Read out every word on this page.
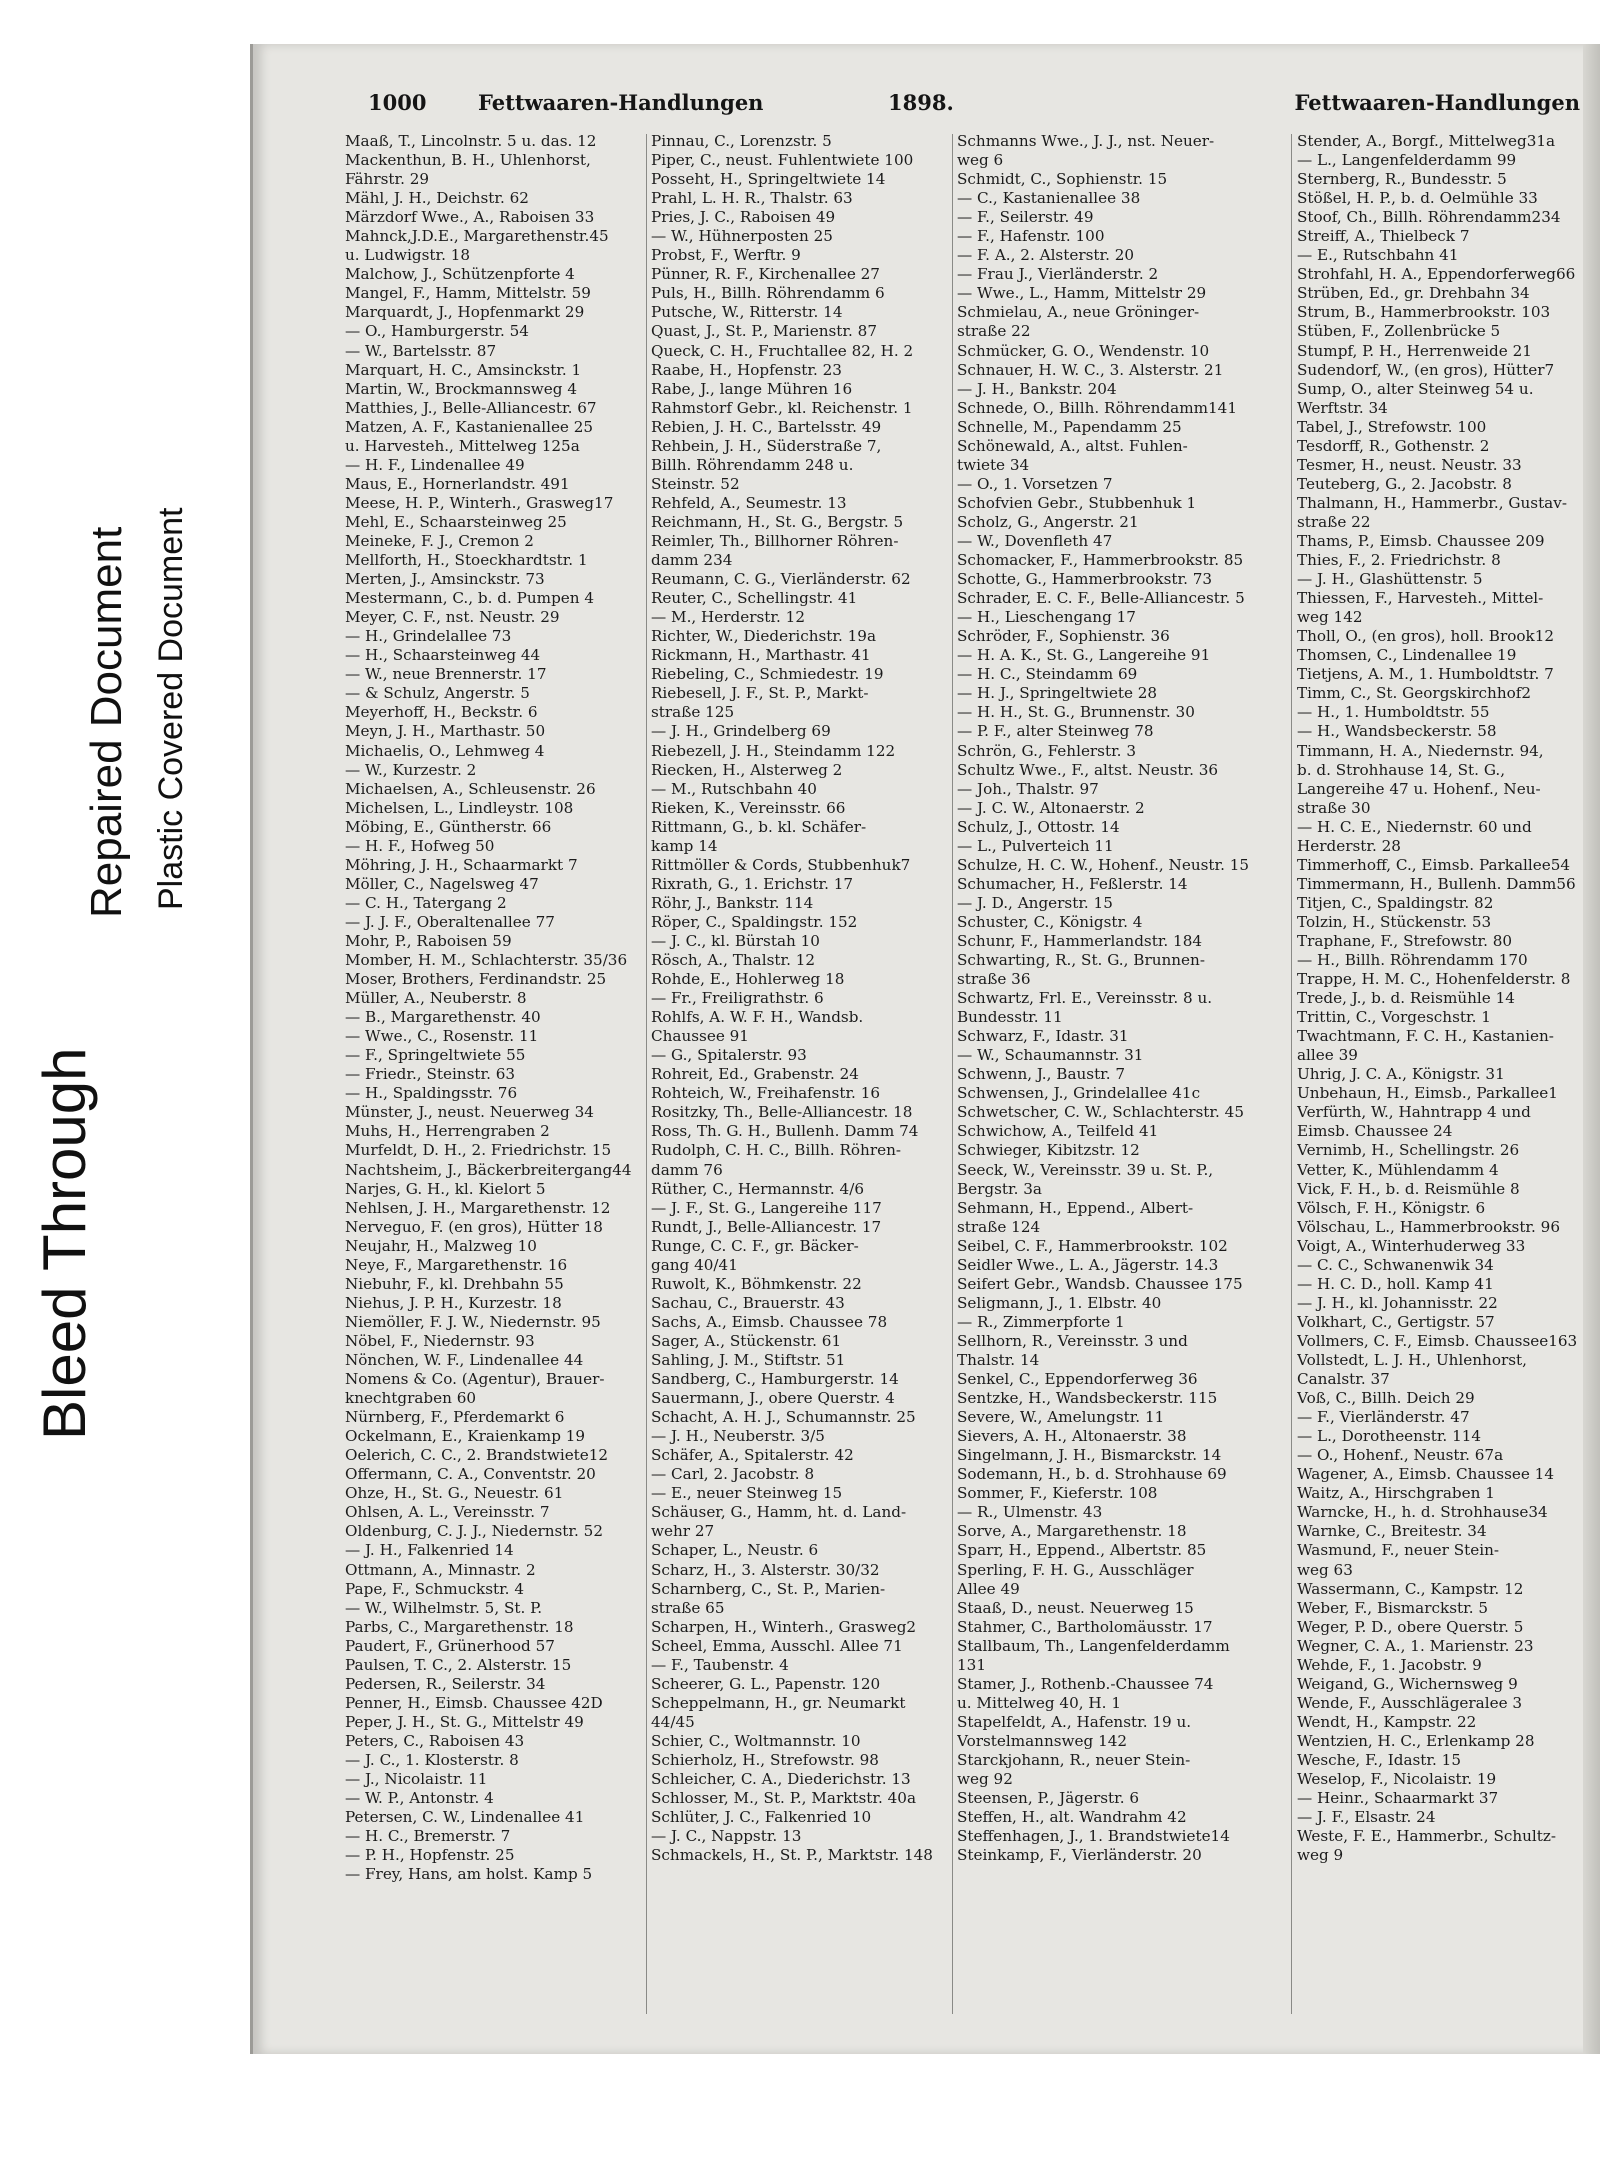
Bleed Through
Repaired Document Plastic Covered Document
1000 Fettwaaren-Handlungen	1898.	Fettwaaren-Handlungen
Maaß, T., Lincolnstr. 5 u. das. 12
Mackenthun, B. H., Uhlenhorst,
Fährstr. 29
Mähl, J. H., Deichstr. 62
Märzdorf Wwe., A., Raboisen 33
Mahnck,J.D.E., Margarethenstr.45
u. Ludwigstr. 18
Malchow, J., Schützenpforte 4
Mangel, F., Hamm, Mittelstr. 59
Marquardt, J., Hopfenmarkt 29
— O., Hamburgerstr. 54
— W., Bartelsstr. 87
Marquart, H. C., Amsinckstr. 1
Martin, W., Brockmannsweg 4
Matthies, J., Belle-Alliancestr. 67
Matzen, A. F., Kastanienallee 25
u. Harvesteh., Mittelweg 125a
— H. F., Lindenallee 49
Maus, E., Hornerlandstr. 491
Meese, H. P., Winterh., Grasweg17
Mehl, E., Schaarsteinweg 25
Meineke, F. J., Cremon 2
Mellforth, H., Stoeckhardtstr. 1
Merten, J., Amsinckstr. 73
Mestermann, C., b. d. Pumpen 4
Meyer, C. F., nst. Neustr. 29
— H., Grindelallee 73
— H., Schaarsteinweg 44
— W., neue Brennerstr. 17
— & Schulz, Angerstr. 5
Meyerhoff, H., Beckstr. 6
Meyn, J. H., Marthastr. 50
Michaelis, O., Lehmweg 4
— W., Kurzestr. 2
Michaelsen, A., Schleusenstr. 26
Michelsen, L., Lindleystr. 108
Möbing, E., Güntherstr. 66
— H. F., Hofweg 50
Möhring, J. H., Schaarmarkt 7
Möller, C., Nagelsweg 47
— C. H., Tatergang 2
— J. J. F., Oberaltenallee 77
Mohr, P., Raboisen 59
Momber, H. M., Schlachterstr. 35/36
Moser, Brothers, Ferdinandstr. 25
Müller, A., Neuberstr. 8
— B., Margarethenstr. 40
— Wwe., C., Rosenstr. 11
— F., Springeltwiete 55
— Friedr., Steinstr. 63
— H., Spaldingsstr. 76
Münster, J., neust. Neuerweg 34
Muhs, H., Herrengraben 2
Murfeldt, D. H., 2. Friedrichstr. 15
Nachtsheim, J., Bäckerbreitergang44
Narjes, G. H., kl. Kielort 5
Nehlsen, J. H., Margarethenstr. 12
Nerveguo, F. (en gros), Hütter 18
Neujahr, H., Malzweg 10
Neye, F., Margarethenstr. 16
Niebuhr, F., kl. Drehbahn 55
Niehus, J. P. H., Kurzestr. 18
Niemöller, F. J. W., Niedernstr. 95
Nöbel, F., Niedernstr. 93
Nönchen, W. F., Lindenallee 44
Nomens & Co. (Agentur), Brauer-
knechtgraben 60
Nürnberg, F., Pferdemarkt 6
Ockelmann, E., Kraienkamp 19
Oelerich, C. C., 2. Brandstwiete12
Offermann, C. A., Conventstr. 20
Ohze, H., St. G., Neuestr. 61
Ohlsen, A. L., Vereinsstr. 7
Oldenburg, C. J. J., Niedernstr. 52
— J. H., Falkenried 14
Ottmann, A., Minnastr. 2
Pape, F., Schmuckstr. 4
— W., Wilhelmstr. 5, St. P.
Parbs, C., Margarethenstr. 18
Paudert, F., Grünerhood 57
Paulsen, T. C., 2. Alsterstr. 15
Pedersen, R., Seilerstr. 34
Penner, H., Eimsb. Chaussee 42D
Peper, J. H., St. G., Mittelstr 49
Peters, C., Raboisen 43
— J. C., 1. Klosterstr. 8
— J., Nicolaistr. 11
— W. P., Antonstr. 4
Petersen, C. W., Lindenallee 41
— H. C., Bremerstr. 7
— P. H., Hopfenstr. 25
— Frey, Hans, am holst. Kamp 5
Pinnau, C., Lorenzstr. 5
Piper, C., neust. Fuhlentwiete 100
Posseht, H., Springeltwiete 14
Prahl, L. H. R., Thalstr. 63
Pries, J. C., Raboisen 49
— W., Hühnerposten 25
Probst, F., Werftr. 9
Pünner, R. F., Kirchenallee 27
Puls, H., Billh. Röhrendamm 6
Putsche, W., Ritterstr. 14
Quast, J., St. P., Marienstr. 87
Queck, C. H., Fruchtallee 82, H. 2
Raabe, H., Hopfenstr. 23
Rabe, J., lange Mühren 16
Rahmstorf Gebr., kl. Reichenstr. 1
Rebien, J. H. C., Bartelsstr. 49
Rehbein, J. H., Süderstraße 7,
Billh. Röhrendamm 248 u.
Steinstr. 52
Rehfeld, A., Seumestr. 13
Reichmann, H., St. G., Bergstr. 5
Reimler, Th., Billhorner Röhren-
damm 234
Reumann, C. G., Vierländerstr. 62
Reuter, C., Schellingstr. 41
— M., Herderstr. 12
Richter, W., Diederichstr. 19a
Rickmann, H., Marthastr. 41
Riebeling, C., Schmiedestr. 19
Riebesell, J. F., St. P., Markt-
straße 125
— J. H., Grindelberg 69
Riebezell, J. H., Steindamm 122
Riecken, H., Alsterweg 2
— M., Rutschbahn 40
Rieken, K., Vereinsstr. 66
Rittmann, G., b. kl. Schäfer-
kamp 14
Rittmöller & Cords, Stubbenhuk7
Rixrath, G., 1. Erichstr. 17
Röhr, J., Bankstr. 114
Röper, C., Spaldingstr. 152
— J. C., kl. Bürstah 10
Rösch, A., Thalstr. 12
Rohde, E., Hohlerweg 18
— Fr., Freiligrathstr. 6
Rohlfs, A. W. F. H., Wandsb.
Chaussee 91
— G., Spitalerstr. 93
Rohreit, Ed., Grabenstr. 24
Rohteich, W., Freihafenstr. 16
Rositzky, Th., Belle-Alliancestr. 18
Ross, Th. G. H., Bullenh. Damm 74
Rudolph, C. H. C., Billh. Röhren-
damm 76
Rüther, C., Hermannstr. 4/6
— J. F., St. G., Langereihe 117
Rundt, J., Belle-Alliancestr. 17
Runge, C. C. F., gr. Bäcker-
gang 40/41
Ruwolt, K., Böhmkenstr. 22
Sachau, C., Brauerstr. 43
Sachs, A., Eimsb. Chaussee 78
Sager, A., Stückenstr. 61
Sahling, J. M., Stiftstr. 51
Sandberg, C., Hamburgerstr. 14
Sauermann, J., obere Querstr. 4
Schacht, A. H. J., Schumannstr. 25
— J. H., Neuberstr. 3/5
Schäfer, A., Spitalerstr. 42
— Carl, 2. Jacobstr. 8
— E., neuer Steinweg 15
Schäuser, G., Hamm, ht. d. Land-
wehr 27
Schaper, L., Neustr. 6
Scharz, H., 3. Alsterstr. 30/32
Scharnberg, C., St. P., Marien-
straße 65
Scharpen, H., Winterh., Grasweg2
Scheel, Emma, Ausschl. Allee 71
— F., Taubenstr. 4
Scheerer, G. L., Papenstr. 120
Scheppelmann, H., gr. Neumarkt
44/45
Schier, C., Woltmannstr. 10
Schierholz, H., Strefowstr. 98
Schleicher, C. A., Diederichstr. 13
Schlosser, M., St. P., Marktstr. 40a
Schlüter, J. C., Falkenried 10
— J. C., Nappstr. 13
Schmackels, H., St. P., Marktstr. 148
Schmanns Wwe., J. J., nst. Neuer-
weg 6
Schmidt, C., Sophienstr. 15
— C., Kastanienallee 38
— F., Seilerstr. 49
— F., Hafenstr. 100
— F. A., 2. Alsterstr. 20
— Frau J., Vierländerstr. 2
— Wwe., L., Hamm, Mittelstr 29
Schmielau, A., neue Gröninger-
straße 22
Schmücker, G. O., Wendenstr. 10
Schnauer, H. W. C., 3. Alsterstr. 21
— J. H., Bankstr. 204
Schnede, O., Billh. Röhrendamm141
Schnelle, M., Papendamm 25
Schönewald, A., altst. Fuhlen-
twiete 34
— O., 1. Vorsetzen 7
Schofvien Gebr., Stubbenhuk 1
Scholz, G., Angerstr. 21
— W., Dovenfleth 47
Schomacker, F., Hammerbrookstr. 85
Schotte, G., Hammerbrookstr. 73
Schrader, E. C. F., Belle-Alliancestr. 5
— H., Lieschengang 17
Schröder, F., Sophienstr. 36
— H. A. K., St. G., Langereihe 91
— H. C., Steindamm 69
— H. J., Springeltwiete 28
— H. H., St. G., Brunnenstr. 30
— P. F., alter Steinweg 78
Schrön, G., Fehlerstr. 3
Schultz Wwe., F., altst. Neustr. 36
— Joh., Thalstr. 97
— J. C. W., Altonaerstr. 2
Schulz, J., Ottostr. 14
— L., Pulverteich 11
Schulze, H. C. W., Hohenf., Neustr. 15
Schumacher, H., Feßlerstr. 14
— J. D., Angerstr. 15
Schuster, C., Königstr. 4
Schunr, F., Hammerlandstr. 184
Schwarting, R., St. G., Brunnen-
straße 36
Schwartz, Frl. E., Vereinsstr. 8 u.
Bundesstr. 11
Schwarz, F., Idastr. 31
— W., Schaumannstr. 31
Schwenn, J., Baustr. 7
Schwensen, J., Grindelallee 41c
Schwetscher, C. W., Schlachterstr. 45
Schwichow, A., Teilfeld 41
Schwieger, Kibitzstr. 12
Seeck, W., Vereinsstr. 39 u. St. P.,
Bergstr. 3a
Sehmann, H., Eppend., Albert-
straße 124
Seibel, C. F., Hammerbrookstr. 102
Seidler Wwe., L. A., Jägerstr. 14.3
Seifert Gebr., Wandsb. Chaussee 175
Seligmann, J., 1. Elbstr. 40
— R., Zimmerpforte 1
Sellhorn, R., Vereinsstr. 3 und
Thalstr. 14
Senkel, C., Eppendorferweg 36
Sentzke, H., Wandsbeckerstr. 115
Severe, W., Amelungstr. 11
Sievers, A. H., Altonaerstr. 38
Singelmann, J. H., Bismarckstr. 14
Sodemann, H., b. d. Strohhause 69
Sommer, F., Kieferstr. 108
— R., Ulmenstr. 43
Sorve, A., Margarethenstr. 18
Sparr, H., Eppend., Albertstr. 85
Sperling, F. H. G., Ausschläger
Allee 49
Staaß, D., neust. Neuerweg 15
Stahmer, C., Bartholomäusstr. 17
Stallbaum, Th., Langenfelderdamm
131
Stamer, J., Rothenb.-Chaussee 74
u. Mittelweg 40, H. 1
Stapelfeldt, A., Hafenstr. 19 u.
Vorstelmannsweg 142
Starckjohann, R., neuer Stein-
weg 92
Steensen, P., Jägerstr. 6
Steffen, H., alt. Wandrahm 42
Steffenhagen, J., 1. Brandstwiete14
Steinkamp, F., Vierländerstr. 20
Stender, A., Borgf., Mittelweg31a
— L., Langenfelderdamm 99
Sternberg, R., Bundesstr. 5
Stößel, H. P., b. d. Oelmühle 33
Stoof, Ch., Billh. Röhrendamm234
Streiff, A., Thielbeck 7
— E., Rutschbahn 41
Strohfahl, H. A., Eppendorferweg66
Strüben, Ed., gr. Drehbahn 34
Strum, B., Hammerbrookstr. 103
Stüben, F., Zollenbrücke 5
Stumpf, P. H., Herrenweide 21
Sudendorf, W., (en gros), Hütter7
Sump, O., alter Steinweg 54 u.
Werftstr. 34
Tabel, J., Strefowstr. 100
Tesdorff, R., Gothenstr. 2
Tesmer, H., neust. Neustr. 33
Teuteberg, G., 2. Jacobstr. 8
Thalmann, H., Hammerbr., Gustav-
straße 22
Thams, P., Eimsb. Chaussee 209
Thies, F., 2. Friedrichstr. 8
— J. H., Glashüttenstr. 5
Thiessen, F., Harvesteh., Mittel-
weg 142
Tholl, O., (en gros), holl. Brook12
Thomsen, C., Lindenallee 19
Tietjens, A. M., 1. Humboldtstr. 7
Timm, C., St. Georgskirchhof2
— H., 1. Humboldtstr. 55
— H., Wandsbeckerstr. 58
Timmann, H. A., Niedernstr. 94,
b. d. Strohhause 14, St. G.,
Langereihe 47 u. Hohenf., Neu-
straße 30
— H. C. E., Niedernstr. 60 und
Herderstr. 28
Timmerhoff, C., Eimsb. Parkallee54
Timmermann, H., Bullenh. Damm56
Titjen, C., Spaldingstr. 82
Tolzin, H., Stückenstr. 53
Traphane, F., Strefowstr. 80
— H., Billh. Röhrendamm 170
Trappe, H. M. C., Hohenfelderstr. 8
Trede, J., b. d. Reismühle 14
Trittin, C., Vorgeschstr. 1
Twachtmann, F. C. H., Kastanien-
allee 39
Uhrig, J. C. A., Königstr. 31
Unbehaun, H., Eimsb., Parkallee1
Verfürth, W., Hahntrapp 4 und
Eimsb. Chaussee 24
Vernimb, H., Schellingstr. 26
Vetter, K., Mühlendamm 4
Vick, F. H., b. d. Reismühle 8
Völsch, F. H., Königstr. 6
Völschau, L., Hammerbrookstr. 96
Voigt, A., Winterhuderweg 33
— C. C., Schwanenwik 34
— H. C. D., holl. Kamp 41
— J. H., kl. Johannisstr. 22
Volkhart, C., Gertigstr. 57
Vollmers, C. F., Eimsb. Chaussee163
Vollstedt, L. J. H., Uhlenhorst,
Canalstr. 37
Voß, C., Billh. Deich 29
— F., Vierländerstr. 47
— L., Dorotheenstr. 114
— O., Hohenf., Neustr. 67a
Wagener, A., Eimsb. Chaussee 14
Waitz, A., Hirschgraben 1
Warncke, H., h. d. Strohhause34
Warnke, C., Breitestr. 34
Wasmund, F., neuer Stein-
weg 63
Wassermann, C., Kampstr. 12
Weber, F., Bismarckstr. 5
Weger, P. D., obere Querstr. 5
Wegner, C. A., 1. Marienstr. 23
Wehde, F., 1. Jacobstr. 9
Weigand, G., Wichernsweg 9
Wende, F., Ausschlägeralee 3
Wendt, H., Kampstr. 22
Wentzien, H. C., Erlenkamp 28
Wesche, F., Idastr. 15
Weselop, F., Nicolaistr. 19
— Heinr., Schaarmarkt 37
— J. F., Elsastr. 24
Weste, F. E., Hammerbr., Schultz-
weg 9
